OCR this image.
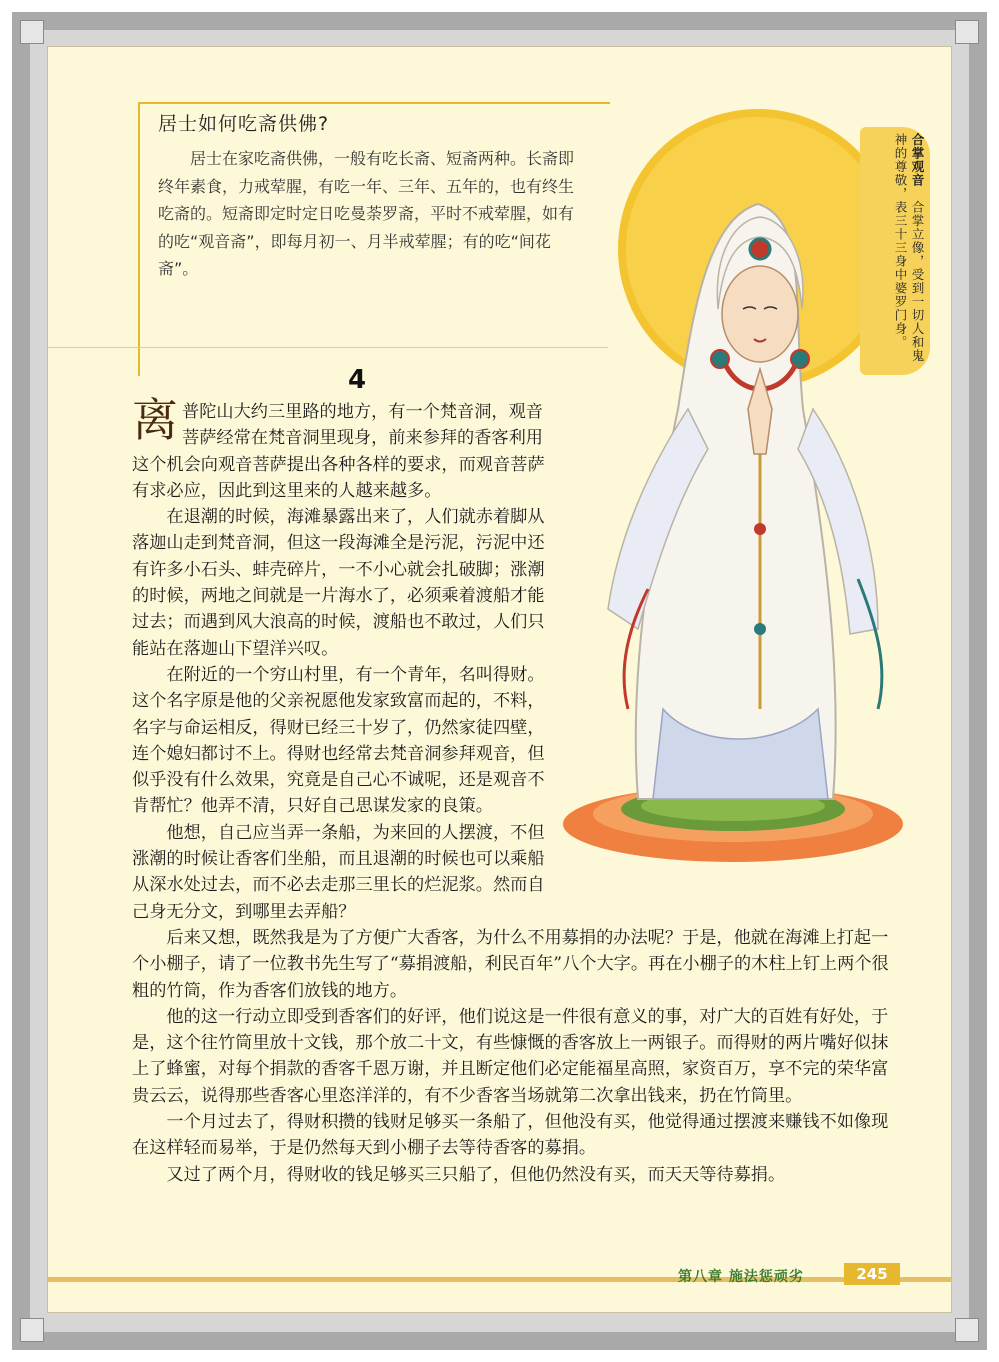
居士如何吃斋供佛?
居士在家吃斋供佛，一般有吃长斋、短斋两种。长斋即终年素食，力戒荤腥，有吃一年、三年、五年的，也有终生吃斋的。短斋即定时定日吃曼荼罗斋，平时不戒荤腥，如有的吃“观音斋”，即每月初一、月半戒荤腥；有的吃“间花斋”。
合掌观音　合掌立像，受到一切人和鬼神的尊敬，表三十三身中婆罗门身。
4

离普陀山大约三里路的地方，有一个梵音洞，观音菩萨经常在梵音洞里现身，前来参拜的香客利用这个机会向观音菩萨提出各种各样的要求，而观音菩萨有求必应，因此到这里来的人越来越多。

在退潮的时候，海滩暴露出来了，人们就赤着脚从落迦山走到梵音洞，但这一段海滩全是污泥，污泥中还有许多小石头、蚌壳碎片，一不小心就会扎破脚；涨潮的时候，两地之间就是一片海水了，必须乘着渡船才能过去；而遇到风大浪高的时候，渡船也不敢过，人们只能站在落迦山下望洋兴叹。

在附近的一个穷山村里，有一个青年，名叫得财。这个名字原是他的父亲祝愿他发家致富而起的，不料，名字与命运相反，得财已经三十岁了，仍然家徒四壁，连个媳妇都讨不上。得财也经常去梵音洞参拜观音，但似乎没有什么效果，究竟是自己心不诚呢，还是观音不肯帮忙？他弄不清，只好自己思谋发家的良策。

他想，自己应当弄一条船，为来回的人摆渡，不但涨潮的时候让香客们坐船，而且退潮的时候也可以乘船从深水处过去，而不必去走那三里长的烂泥浆。然而自己身无分文，到哪里去弄船？

后来又想，既然我是为了方便广大香客，为什么不用募捐的办法呢？于是，他就在海滩上打起一个小棚子，请了一位教书先生写了“募捐渡船，利民百年”八个大字。再在小棚子的木柱上钉上两个很粗的竹筒，作为香客们放钱的地方。

他的这一行动立即受到香客们的好评，他们说这是一件很有意义的事，对广大的百姓有好处，于是，这个往竹筒里放十文钱，那个放二十文，有些慷慨的香客放上一两银子。而得财的两片嘴好似抹上了蜂蜜，对每个捐款的香客千恩万谢，并且断定他们必定能福星高照，家资百万，享不完的荣华富贵云云，说得那些香客心里恣洋洋的，有不少香客当场就第二次拿出钱来，扔在竹筒里。

一个月过去了，得财积攒的钱财足够买一条船了，但他没有买，他觉得通过摆渡来赚钱不如像现在这样轻而易举，于是仍然每天到小棚子去等待香客的募捐。

又过了两个月，得财收的钱足够买三只船了，但他仍然没有买，而天天等待募捐。

第八章 施法惩顽劣	245
